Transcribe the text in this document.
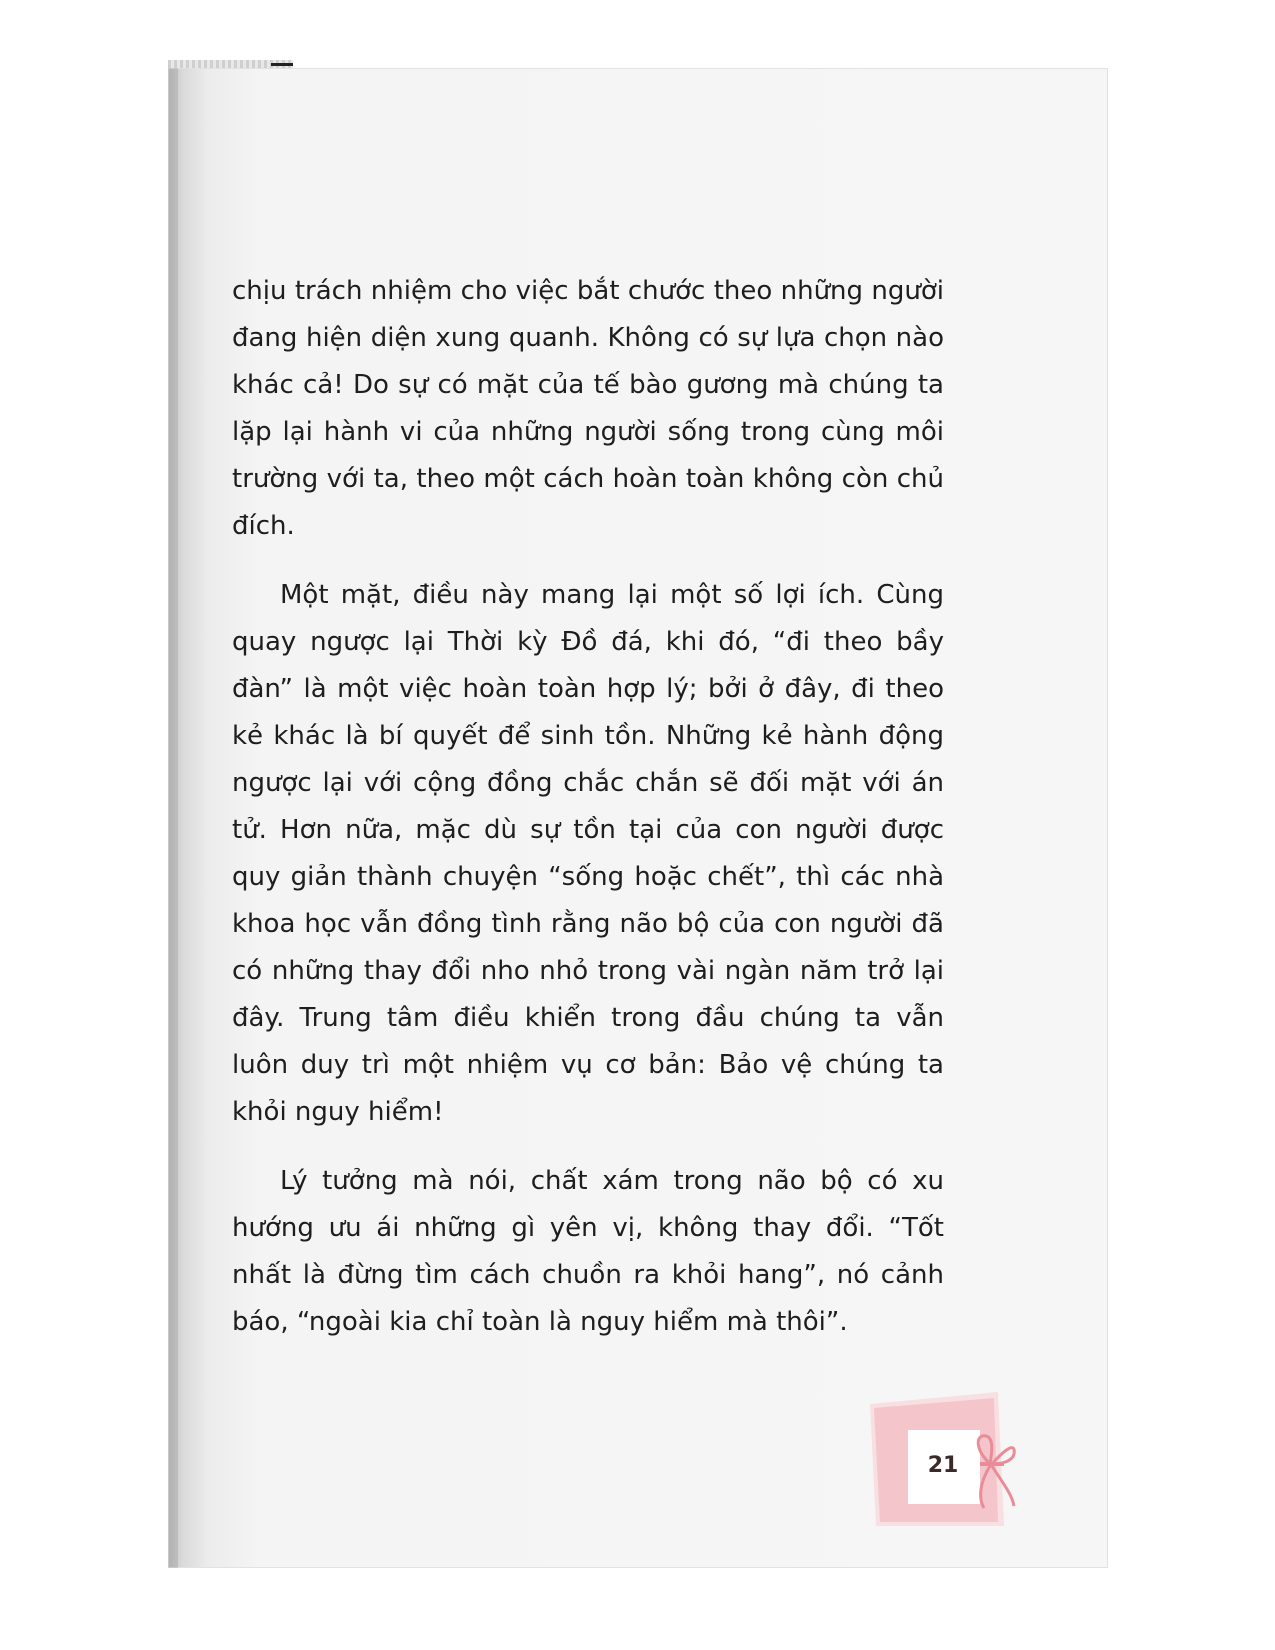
chịu trách nhiệm cho việc bắt chước theo những người đang hiện diện xung quanh. Không có sự lựa chọn nào khác cả! Do sự có mặt của tế bào gương mà chúng ta lặp lại hành vi của những người sống trong cùng môi trường với ta, theo một cách hoàn toàn không còn chủ đích.

Một mặt, điều này mang lại một số lợi ích. Cùng quay ngược lại Thời kỳ Đồ đá, khi đó, “đi theo bầy đàn” là một việc hoàn toàn hợp lý; bởi ở đây, đi theo kẻ khác là bí quyết để sinh tồn. Những kẻ hành động ngược lại với cộng đồng chắc chắn sẽ đối mặt với án tử. Hơn nữa, mặc dù sự tồn tại của con người được quy giản thành chuyện “sống hoặc chết”, thì các nhà khoa học vẫn đồng tình rằng não bộ của con người đã có những thay đổi nho nhỏ trong vài ngàn năm trở lại đây. Trung tâm điều khiển trong đầu chúng ta vẫn luôn duy trì một nhiệm vụ cơ bản: Bảo vệ chúng ta khỏi nguy hiểm!

Lý tưởng mà nói, chất xám trong não bộ có xu hướng ưu ái những gì yên vị, không thay đổi. “Tốt nhất là đừng tìm cách chuồn ra khỏi hang”, nó cảnh báo, “ngoài kia chỉ toàn là nguy hiểm mà thôi”.

21
